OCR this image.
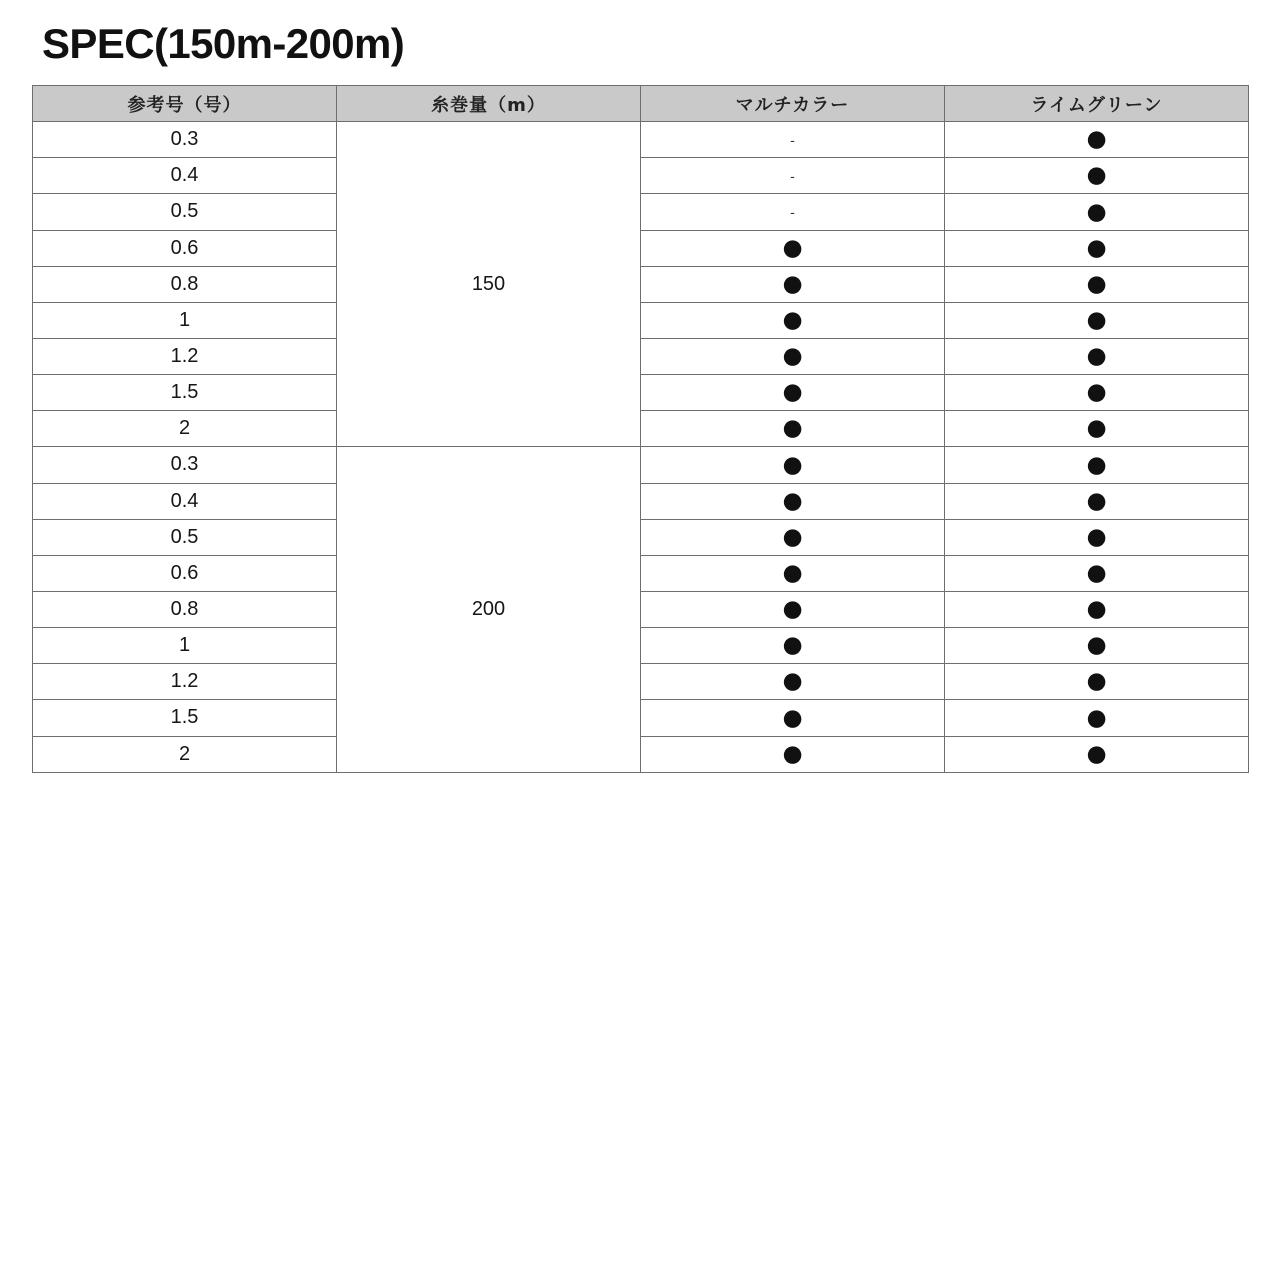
SPEC(150m-200m)
参考号（号）	糸巻量（m）	マルチカラー	ライムグリーン
0.3	150	-	●
0.4		-	●
0.5		-	●
0.6		●	●
0.8		●	●
1		●	●
1.2		●	●
1.5		●	●
2		●	●
0.3	200	●	●
0.4		●	●
0.5		●	●
0.6		●	●
0.8		●	●
1		●	●
1.2		●	●
1.5		●	●
2		●	●
